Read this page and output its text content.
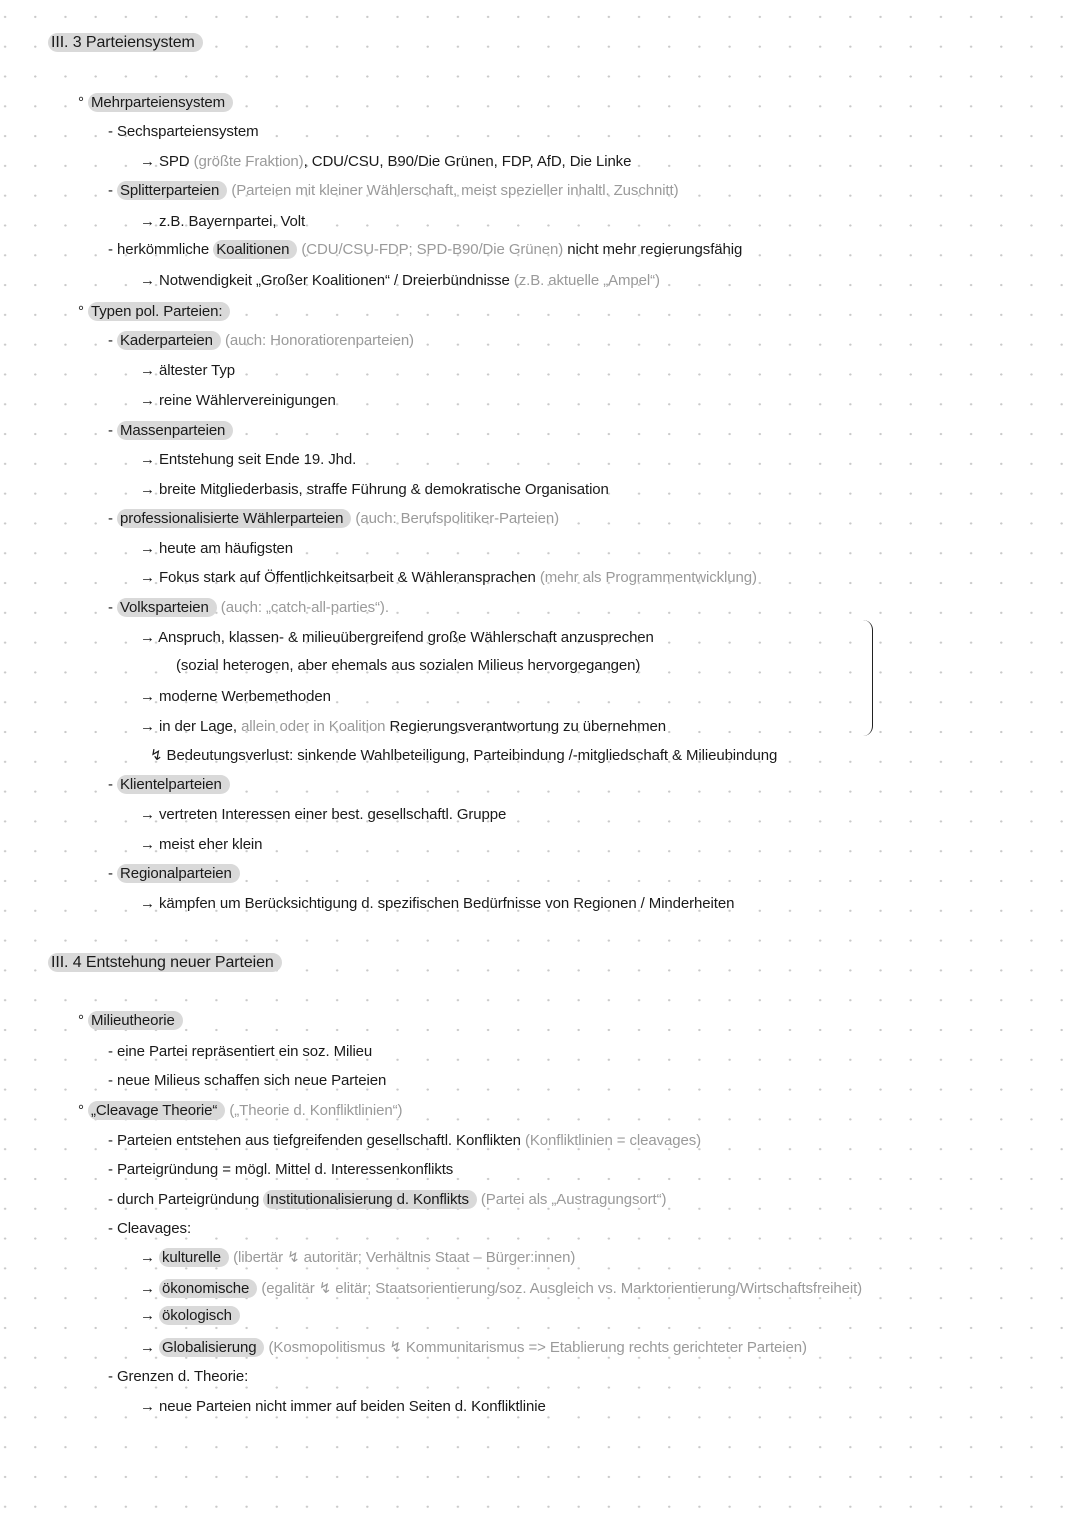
III. 3 Parteiensystem
° Mehrparteiensystem
- Sechsparteiensystem
→ SPD (größte Fraktion), CDU/CSU, B90/Die Grünen, FDP, AfD, Die Linke
- Splitterparteien (Parteien mit kleiner Wählerschaft, meist spezieller inhaltl. Zuschnitt)
→ z.B. Bayernpartei, Volt
- herkömmliche Koalitionen (CDU/CSU-FDP; SPD-B90/Die Grünen) nicht mehr regierungsfähig
→ Notwendigkeit „Großer Koalitionen“ / Dreierbündnisse (z.B. aktuelle „Ampel“)
° Typen pol. Parteien:
- Kaderparteien (auch: Honoratiorenparteien)
→ ältester Typ
→ reine Wählervereinigungen
- Massenparteien
→ Entstehung seit Ende 19. Jhd.
→ breite Mitgliederbasis, straffe Führung & demokratische Organisation
- professionalisierte Wählerparteien (auch: Berufspolitiker-Parteien)
→ heute am häufigsten
→ Fokus stark auf Öffentlichkeitsarbeit & Wähleransprachen (mehr als Programmentwicklung)
- Volksparteien (auch: „catch-all-parties“).
→ Anspruch, klassen- & milieuübergreifend große Wählerschaft anzusprechen
(sozial heterogen, aber ehemals aus sozialen Milieus hervorgegangen)
→ moderne Werbemethoden
→ in der Lage, allein oder in Koalition Regierungsverantwortung zu übernehmen
↯ Bedeutungsverlust: sinkende Wahlbeteiligung, Parteibindung /-mitgliedschaft & Milieubindung
- Klientelparteien
→ vertreten Interessen einer best. gesellschaftl. Gruppe
→ meist eher klein
- Regionalparteien
→ kämpfen um Berücksichtigung d. spezifischen Bedürfnisse von Regionen / Minderheiten
III. 4 Entstehung neuer Parteien
° Milieutheorie
- eine Partei repräsentiert ein soz. Milieu
- neue Milieus schaffen sich neue Parteien
° „Cleavage Theorie“ („Theorie d. Konfliktlinien“)
- Parteien entstehen aus tiefgreifenden gesellschaftl. Konflikten (Konfliktlinien = cleavages)
- Parteigründung = mögl. Mittel d. Interessenkonflikts
- durch Parteigründung Institutionalisierung d. Konflikts (Partei als „Austragungsort“)
- Cleavages:
→ kulturelle (libertär ↯ autoritär; Verhältnis Staat – Bürger:innen)
→ ökonomische (egalitär ↯ elitär; Staatsorientierung/soz. Ausgleich vs. Marktorientierung/Wirtschaftsfreiheit)
→ ökologisch
→ Globalisierung (Kosmopolitismus ↯ Kommunitarismus => Etablierung rechts gerichteter Parteien)
- Grenzen d. Theorie:
→ neue Parteien nicht immer auf beiden Seiten d. Konfliktlinie
